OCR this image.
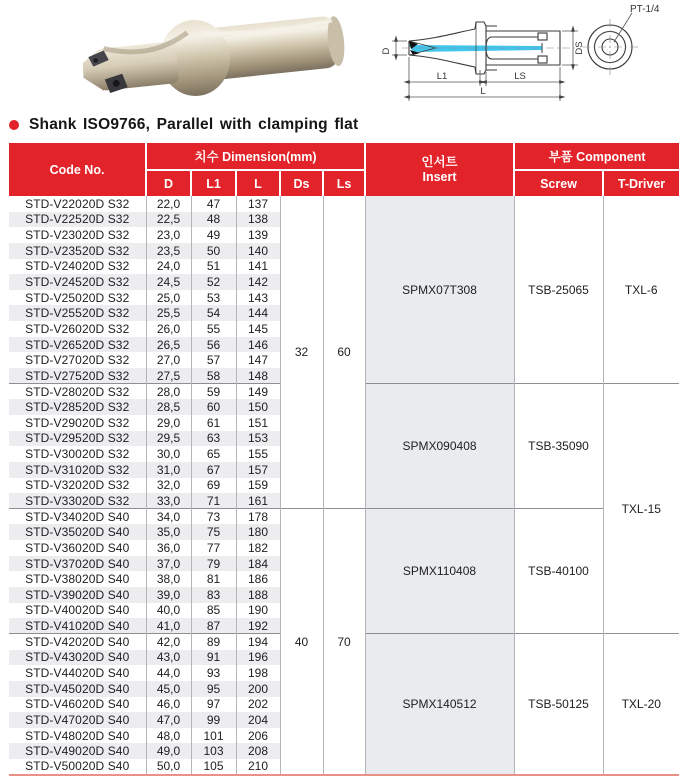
D	DS
L1	LS
L
PT-1/4
Shank ISO9766, Parallel with clamping flat
Code No.	치수 Dimension(mm)					인서트
Insert	부품 Component	
	D	L1	L	Ds	Ls		Screw	T-Driver
STD-V22020D S32	22,0	47	137	32	60	SPMX07T308	TSB-25065	TXL-6
STD-V22520D S32	22,5	48	138					
STD-V23020D S32	23,0	49	139					
STD-V23520D S32	23,5	50	140					
STD-V24020D S32	24,0	51	141					
STD-V24520D S32	24,5	52	142					
STD-V25020D S32	25,0	53	143					
STD-V25520D S32	25,5	54	144					
STD-V26020D S32	26,0	55	145					
STD-V26520D S32	26,5	56	146					
STD-V27020D S32	27,0	57	147					
STD-V27520D S32	27,5	58	148					
STD-V28020D S32	28,0	59	149			SPMX090408	TSB-35090	TXL-15
STD-V28520D S32	28,5	60	150					
STD-V29020D S32	29,0	61	151					
STD-V29520D S32	29,5	63	153					
STD-V30020D S32	30,0	65	155					
STD-V31020D S32	31,0	67	157					
STD-V32020D S32	32,0	69	159					
STD-V33020D S32	33,0	71	161					
STD-V34020D S40	34,0	73	178	40	70	SPMX110408	TSB-40100	
STD-V35020D S40	35,0	75	180					
STD-V36020D S40	36,0	77	182					
STD-V37020D S40	37,0	79	184					
STD-V38020D S40	38,0	81	186					
STD-V39020D S40	39,0	83	188					
STD-V40020D S40	40,0	85	190					
STD-V41020D S40	41,0	87	192					
STD-V42020D S40	42,0	89	194			SPMX140512	TSB-50125	TXL-20
STD-V43020D S40	43,0	91	196					
STD-V44020D S40	44,0	93	198					
STD-V45020D S40	45,0	95	200					
STD-V46020D S40	46,0	97	202					
STD-V47020D S40	47,0	99	204					
STD-V48020D S40	48,0	101	206					
STD-V49020D S40	49,0	103	208					
STD-V50020D S40	50,0	105	210					
